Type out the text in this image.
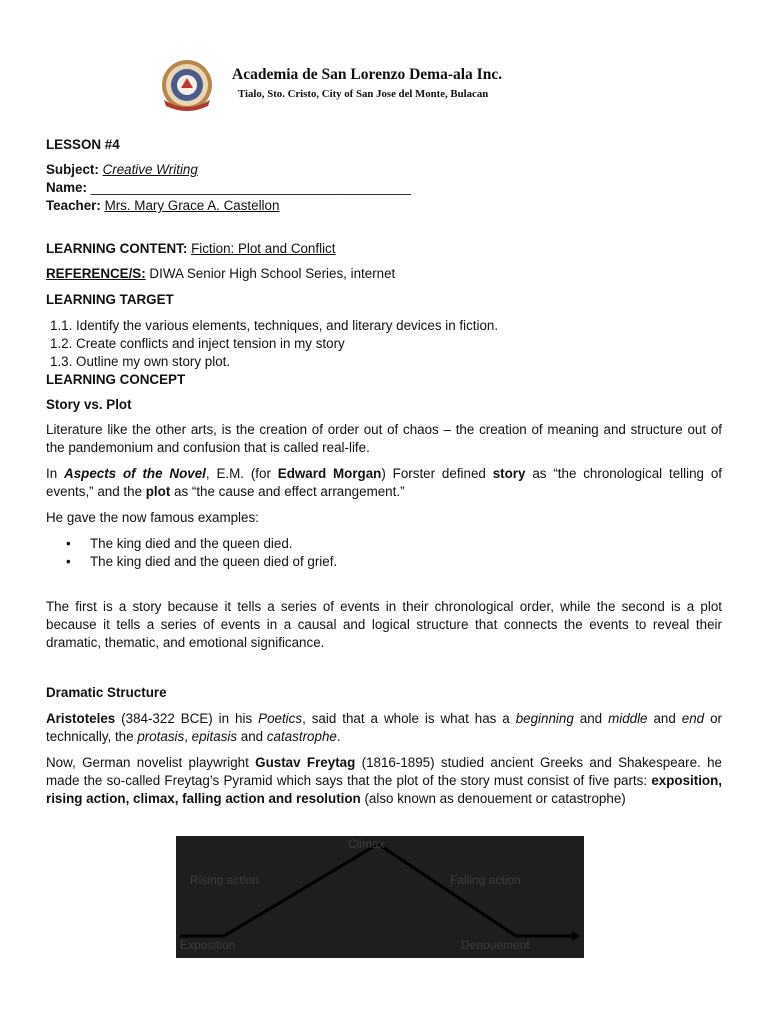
Academia de San Lorenzo Dema-ala Inc.
Tialo, Sto. Cristo, City of San Jose del Monte, Bulacan
LESSON #4
Subject: Creative Writing
Name: ___________________________________________
Teacher: Mrs. Mary Grace A. Castellon
LEARNING CONTENT: Fiction: Plot and Conflict
REFERENCE/S: DIWA Senior High School Series, internet
LEARNING TARGET
1.1. Identify the various elements, techniques, and literary devices in fiction.
1.2. Create conflicts and inject tension in my story
1.3. Outline my own story plot.
LEARNING CONCEPT
Story vs. Plot
Literature like the other arts, is the creation of order out of chaos – the creation of meaning and structure out of the pandemonium and confusion that is called real-life.
In Aspects of the Novel, E.M. (for Edward Morgan) Forster defined story as “the chronological telling of events,” and the plot as “the cause and effect arrangement.”
He gave the now famous examples:
• The king died and the queen died.
• The king died and the queen died of grief.
The first is a story because it tells a series of events in their chronological order, while the second is a plot because it tells a series of events in a causal and logical structure that connects the events to reveal their dramatic, thematic, and emotional significance.
Dramatic Structure
Aristoteles (384-322 BCE) in his Poetics, said that a whole is what has a beginning and middle and end or technically, the protasis, epitasis and catastrophe.
Now, German novelist playwright Gustav Freytag (1816-1895) studied ancient Greeks and Shakespeare. he made the so-called Freytag’s Pyramid which says that the plot of the story must consist of five parts: exposition, rising action, climax, falling action and resolution (also known as denouement or catastrophe)
Climax
Rising action	Falling action
Exposition	Denouement
